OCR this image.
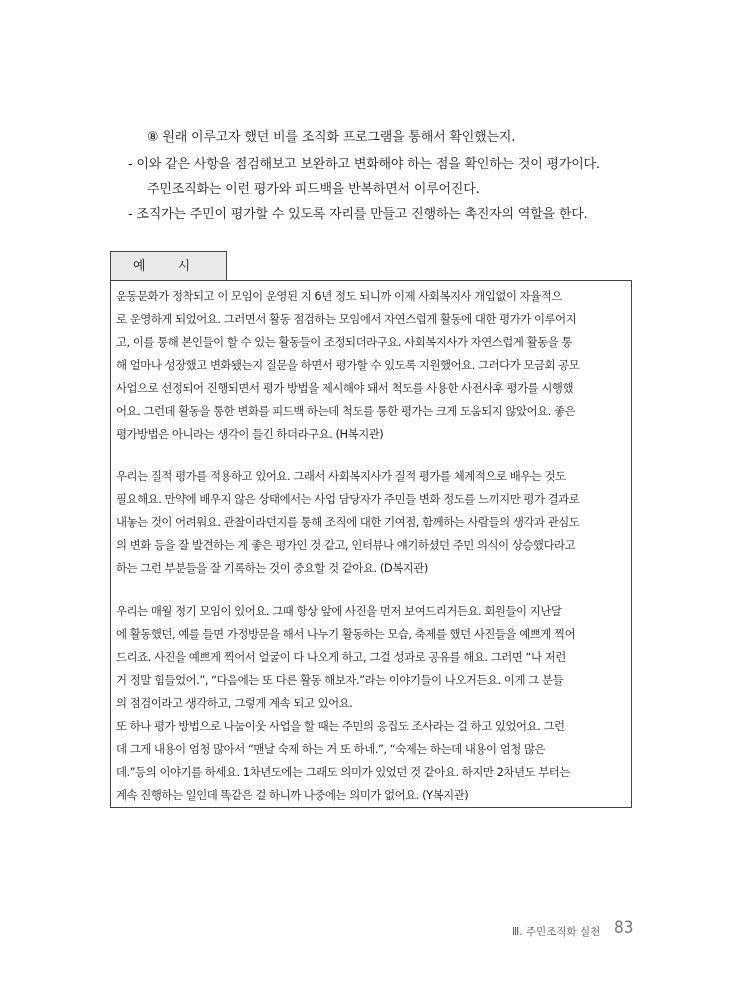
⑧ 원래 이루고자 했던 비를 조직화 프로그램을 통해서 확인했는지.
- 이와 같은 사항을 점검해보고 보완하고 변화해야 하는 점을 확인하는 것이 평가이다.
주민조직화는 이런 평가와 피드백을 반복하면서 이루어진다.
- 조직가는 주민이 평가할 수 있도록 자리를 만들고 진행하는 촉진자의 역할을 한다.
예 시
운동문화가 정착되고 이 모임이 운영된 지 6년 정도 되니까 이제 사회복지사 개입없이 자율적으
로 운영하게 되었어요. 그러면서 활동 점검하는 모임에서 자연스럽게 활동에 대한 평가가 이루어지
고, 이를 통해 본인들이 할 수 있는 활동들이 조정되더라구요. 사회복지사가 자연스럽게 활동을 통
해 얼마나 성장했고 변화됐는지 질문을 하면서 평가할 수 있도록 지원했어요. 그러다가 모금회 공모
사업으로 선정되어 진행되면서 평가 방법을 제시해야 돼서 척도를 사용한 사전사후 평가를 시행했
어요. 그런데 활동을 통한 변화를 피드백 하는데 척도를 통한 평가는 크게 도움되지 않았어요. 좋은
평가방법은 아니라는 생각이 들긴 하더라구요. (H복지관)
우리는 질적 평가를 적용하고 있어요. 그래서 사회복지사가 질적 평가를 체계적으로 배우는 것도
필요해요. 만약에 배우지 않은 상태에서는 사업 담당자가 주민들 변화 정도를 느끼지만 평가 결과로
내놓는 것이 어려워요. 관찰이라던지를 통해 조직에 대한 기여점, 함께하는 사람들의 생각과 관심도
의 변화 등을 잘 발견하는 게 좋은 평가인 것 같고, 인터뷰나 얘기하셨던 주민 의식이 상승했다라고
하는 그런 부분들을 잘 기록하는 것이 중요할 것 같아요. (D복지관)
우리는 매월 정기 모임이 있어요. 그때 항상 앞에 사진을 먼저 보여드리거든요. 회원들이 지난달
에 활동했던, 예를 들면 가정방문을 해서 나누기 활동하는 모습, 축제를 했던 사진들을 예쁘게 찍어
드리죠. 사진을 예쁘게 찍어서 얼굴이 다 나오게 하고, 그걸 성과로 공유를 해요. 그러면 “나 저런
거 정말 힘들었어.”, “다음에는 또 다른 활동 해보자.”라는 이야기들이 나오거든요. 이게 그 분들
의 점검이라고 생각하고, 그렇게 계속 되고 있어요.
또 하나 평가 방법으로 나눔이웃 사업을 할 때는 주민의 응집도 조사라는 걸 하고 있었어요. 그런
데 그게 내용이 엄청 많아서 “맨날 숙제 하는 거 또 하네.”, “숙제는 하는데 내용이 엄청 많은
데.”등의 이야기를 하세요. 1차년도에는 그래도 의미가 있었던 것 같아요. 하지만 2차년도 부터는
계속 진행하는 일인데 똑같은 걸 하니까 나중에는 의미가 없어요. (Y복지관)
Ⅲ. 주민조직화 실천 83
